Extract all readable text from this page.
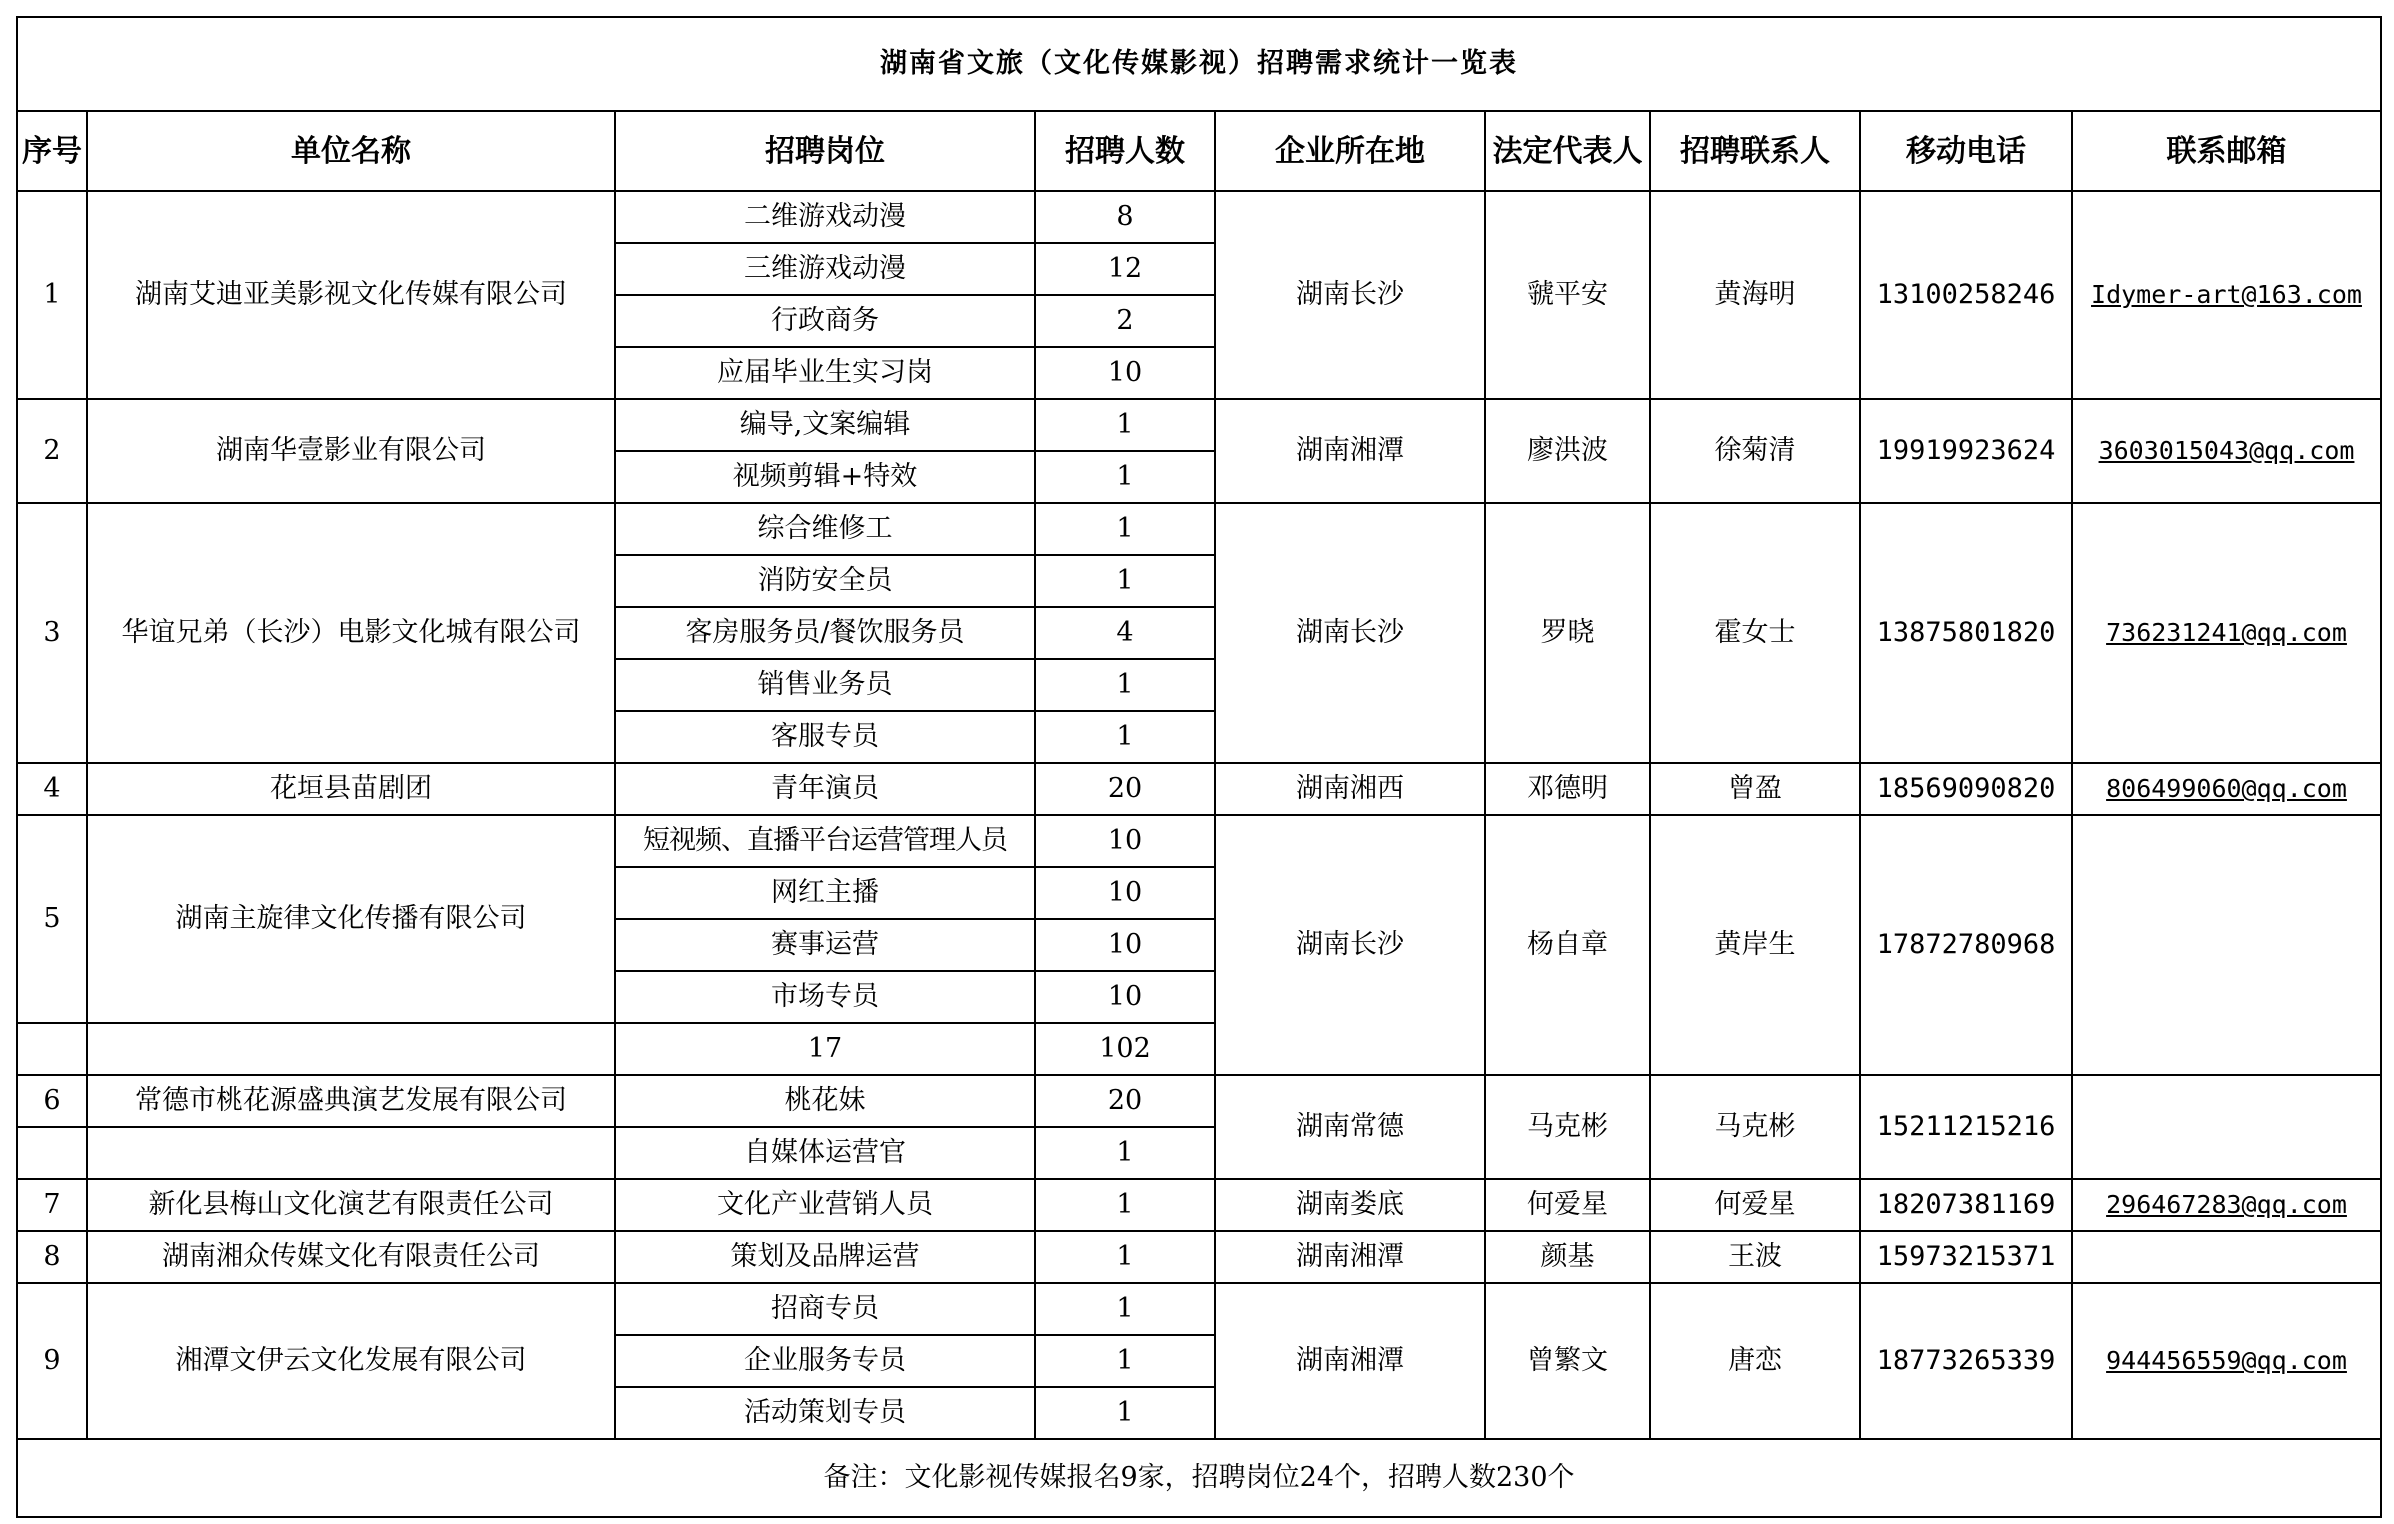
湖南省文旅（文化传媒影视）招聘需求统计一览表								
序号	单位名称	招聘岗位	招聘人数	企业所在地	法定代表人	招聘联系人	移动电话	联系邮箱
1	湖南艾迪亚美影视文化传媒有限公司	二维游戏动漫	8	湖南长沙	虢平安	黄海明	13100258246	Idymer-art@163.com
		三维游戏动漫	12					
		行政商务	2					
		应届毕业生实习岗	10					
2	湖南华壹影业有限公司	编导,文案编辑	1	湖南湘潭	廖洪波	徐菊清	19919923624	3603015043@qq.com
		视频剪辑+特效	1					
3	华谊兄弟（长沙）电影文化城有限公司	综合维修工	1	湖南长沙	罗晓	霍女士	13875801820	736231241@qq.com
		消防安全员	1					
		客房服务员/餐饮服务员	4					
		销售业务员	1					
		客服专员	1					
4	花垣县苗剧团	青年演员	20	湖南湘西	邓德明	曾盈	18569090820	806499060@qq.com
5	湖南主旋律文化传播有限公司	短视频、直播平台运营管理人员	10	湖南长沙	杨自章	黄岸生	17872780968	
		网红主播	10					
		赛事运营	10					
		市场专员	10					
		17	102					
6	常德市桃花源盛典演艺发展有限公司	桃花妹	20	湖南常德	马克彬	马克彬	15211215216	
		自媒体运营官	1					
7	新化县梅山文化演艺有限责任公司	文化产业营销人员	1	湖南娄底	何爱星	何爱星	18207381169	296467283@qq.com
8	湖南湘众传媒文化有限责任公司	策划及品牌运营	1	湖南湘潭	颜基	王波	15973215371	
9	湘潭文伊云文化发展有限公司	招商专员	1	湖南湘潭	曾繁文	唐恋	18773265339	944456559@qq.com
		企业服务专员	1					
		活动策划专员	1					
备注：文化影视传媒报名9家，招聘岗位24个，招聘人数230个								
